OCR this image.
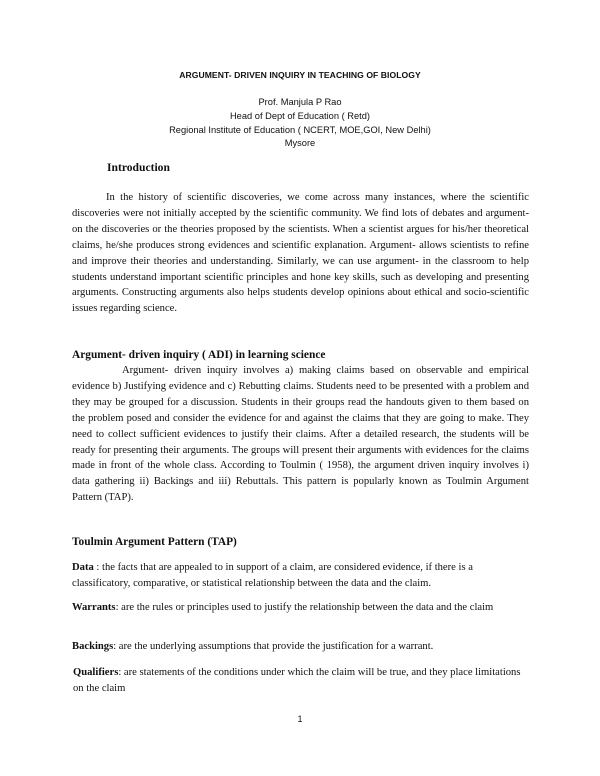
ARGUMENT- DRIVEN INQUIRY IN TEACHING OF BIOLOGY
Prof. Manjula P Rao
Head of Dept of Education ( Retd)
Regional Institute of Education ( NCERT, MOE,GOI, New Delhi)
Mysore
Introduction

In the history of scientific discoveries, we come across many instances, where the scientific discoveries were not initially accepted by the scientific community. We find lots of debates and argument- on the discoveries or the theories proposed by the scientists. When a scientist argues for his/her theoretical claims, he/she produces strong evidences and scientific explanation. Argument- allows scientists to refine and improve their theories and understanding. Similarly, we can use argument- in the classroom to help students understand important scientific principles and hone key skills, such as developing and presenting arguments. Constructing arguments also helps students develop opinions about ethical and socio-scientific issues regarding science.

Argument- driven inquiry ( ADI) in learning science

Argument- driven inquiry involves a) making claims based on observable and empirical evidence b) Justifying evidence and c) Rebutting claims. Students need to be presented with a problem and they may be grouped for a discussion. Students in their groups read the handouts given to them based on the problem posed and consider the evidence for and against the claims that they are going to make. They need to collect sufficient evidences to justify their claims. After a detailed research, the students will be ready for presenting their arguments. The groups will present their arguments with evidences for the claims made in front of the whole class. According to Toulmin ( 1958), the argument driven inquiry involves i) data gathering ii) Backings and iii) Rebuttals. This pattern is popularly known as Toulmin Argument Pattern (TAP).

Toulmin Argument Pattern (TAP)

Data : the facts that are appealed to in support of a claim, are considered evidence, if there is a classificatory, comparative, or statistical relationship between the data and the claim.

Warrants: are the rules or principles used to justify the relationship between the data and the claim

Backings: are the underlying assumptions that provide the justification for a warrant.

Qualifiers: are statements of the conditions under which the claim will be true, and they place limitations on the claim

1
